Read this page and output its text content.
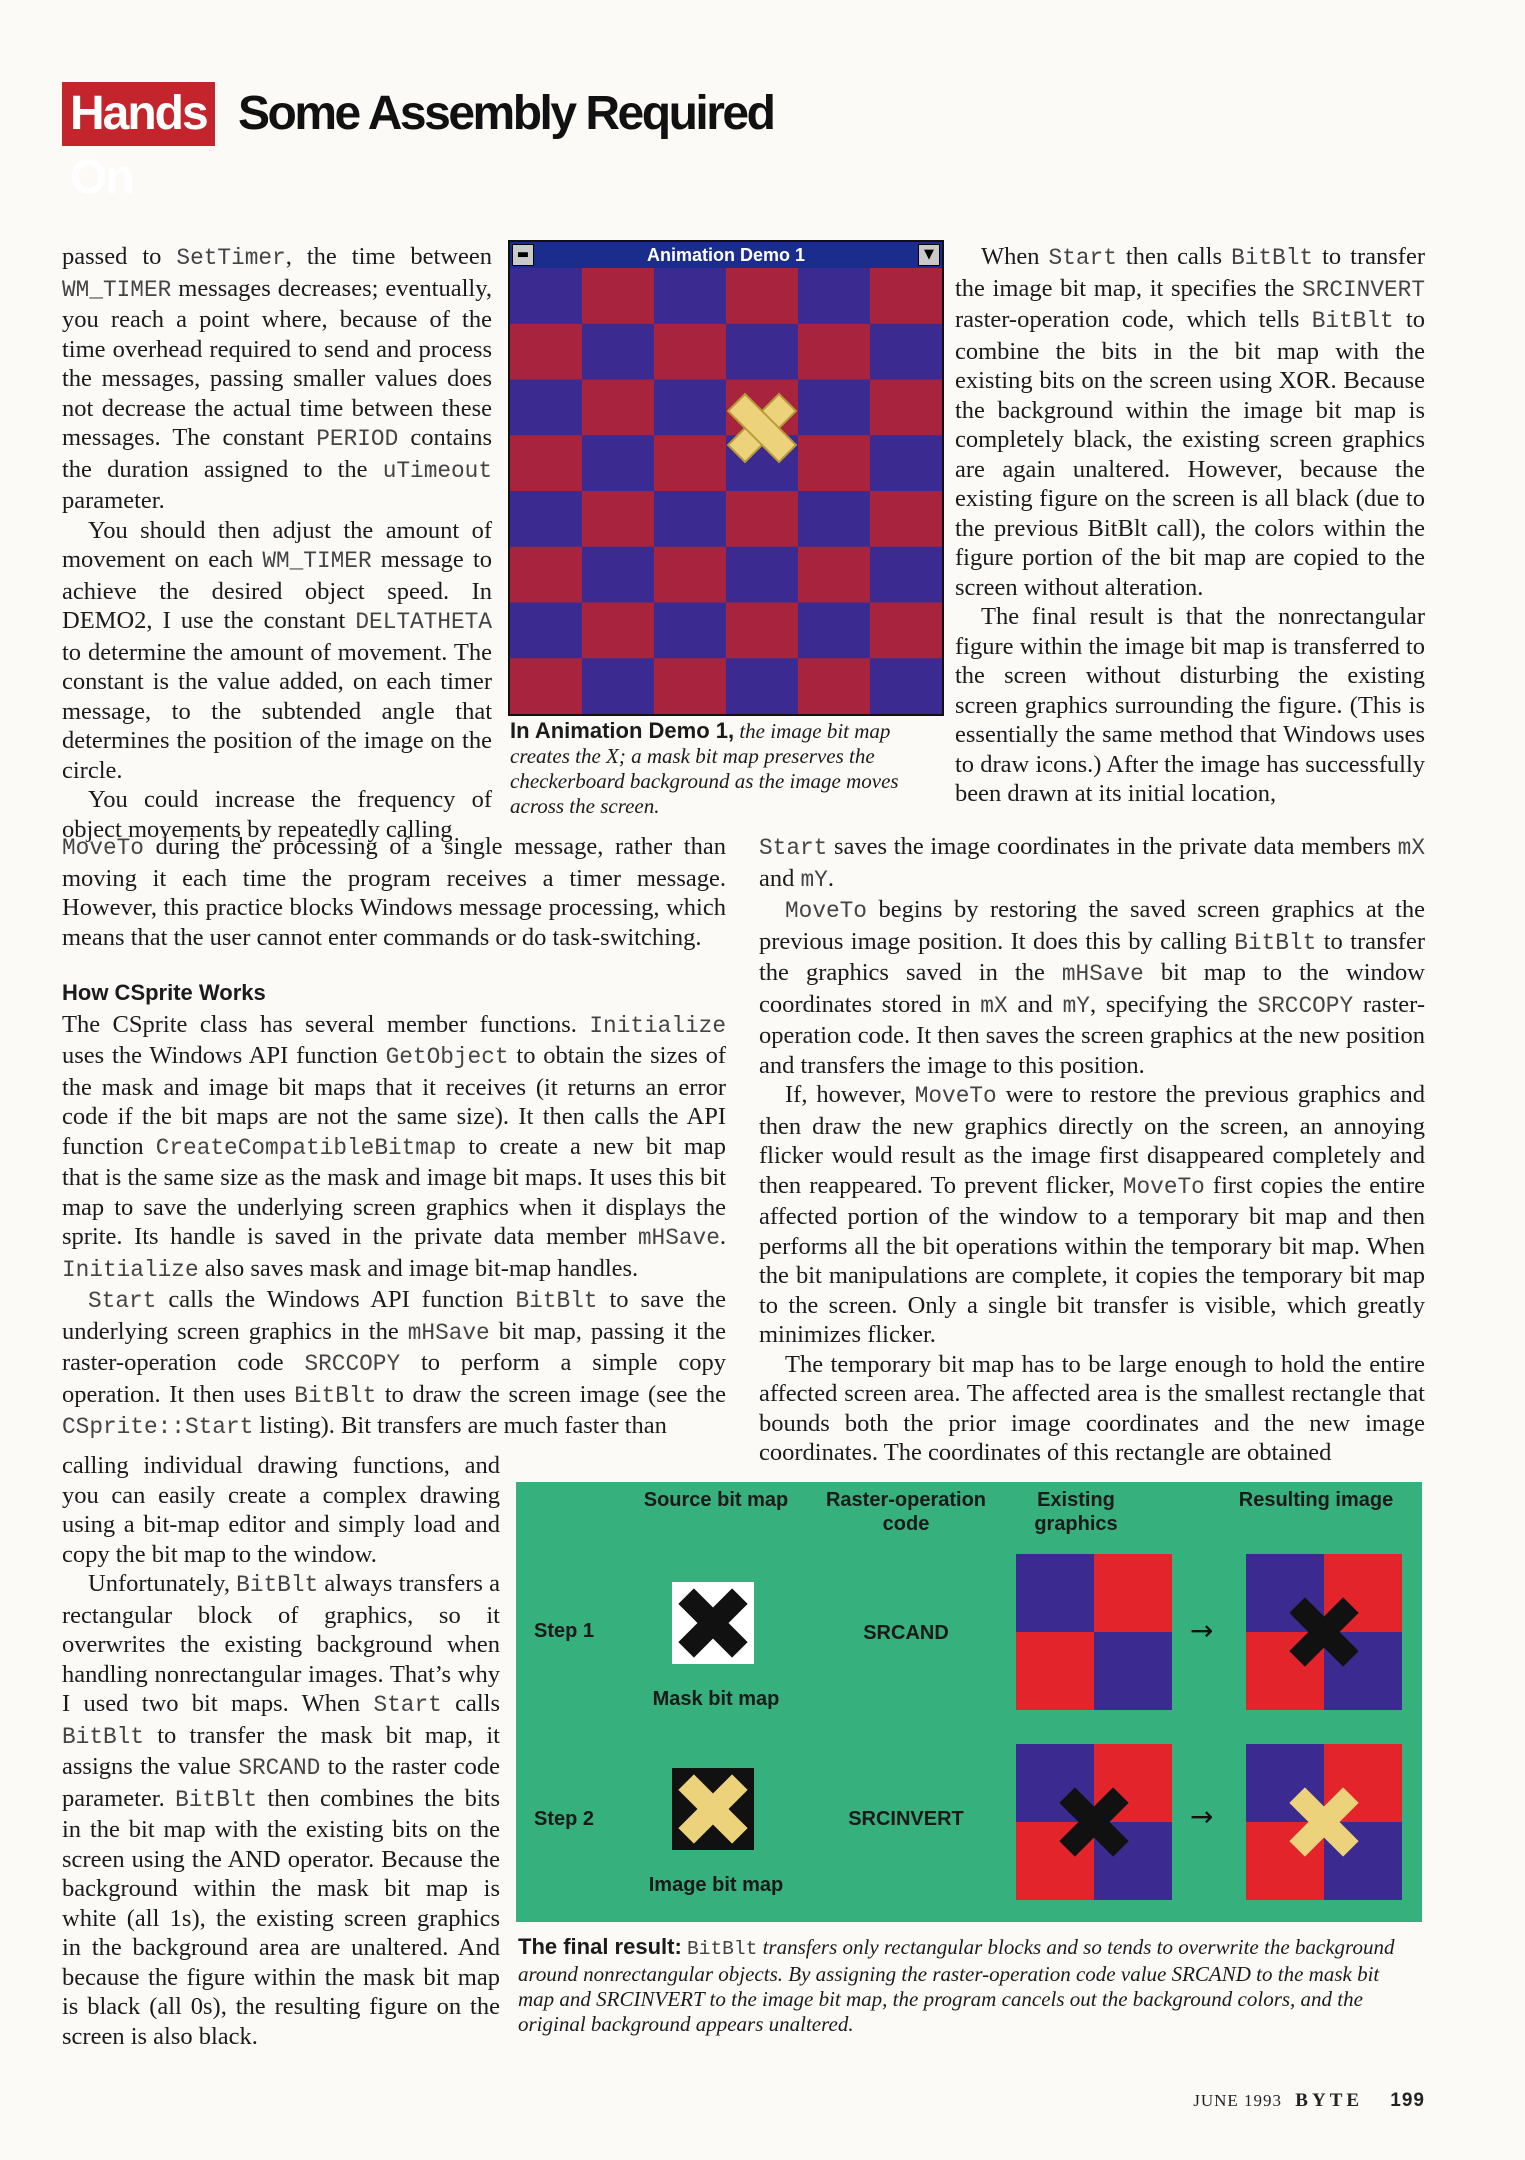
Hands On
Some Assembly Required

passed to SetTimer, the time between WM_TIMER messages decreases; eventually, you reach a point where, because of the time overhead required to send and process the messages, passing smaller values does not decrease the actual time between these messages. The constant PERIOD contains the duration assigned to the uTimeout parameter.

You should then adjust the amount of movement on each WM_TIMER message to achieve the desired object speed. In DEMO2, I use the constant DELTATHETA to determine the amount of movement. The constant is the value added, on each timer message, to the subtended angle that determines the position of the image on the circle.

You could increase the frequency of object movements by repeatedly calling

MoveTo during the processing of a single message, rather than moving it each time the program receives a timer message. However, this practice blocks Windows message processing, which means that the user cannot enter commands or do task-switching.

How CSprite Works

The CSprite class has several member functions. Initialize uses the Windows API function GetObject to obtain the sizes of the mask and image bit maps that it receives (it returns an error code if the bit maps are not the same size). It then calls the API function CreateCompatibleBitmap to create a new bit map that is the same size as the mask and image bit maps. It uses this bit map to save the underlying screen graphics when it displays the sprite. Its handle is saved in the private data member mHSave. Initialize also saves mask and image bit-map handles.

Start calls the Windows API function BitBlt to save the underlying screen graphics in the mHSave bit map, passing it the raster-operation code SRCCOPY to perform a simple copy operation. It then uses BitBlt to draw the screen image (see the CSprite::Start listing). Bit transfers are much faster than

calling individual drawing functions, and you can easily create a complex drawing using a bit-map editor and simply load and copy the bit map to the window.

Unfortunately, BitBlt always transfers a rectangular block of graphics, so it overwrites the existing background when handling nonrectangular images. That’s why I used two bit maps. When Start calls BitBlt to transfer the mask bit map, it assigns the value SRCAND to the raster code parameter. BitBlt then combines the bits in the bit map with the existing bits on the screen using the AND operator. Because the background within the mask bit map is white (all 1s), the existing screen graphics in the background area are unaltered. And because the figure within the mask bit map is black (all 0s), the resulting figure on the screen is also black.

When Start then calls BitBlt to transfer the image bit map, it specifies the SRCINVERT raster-operation code, which tells BitBlt to combine the bits in the bit map with the existing bits on the screen using XOR. Because the background within the image bit map is completely black, the existing screen graphics are again unaltered. However, because the existing figure on the screen is all black (due to the previous BitBlt call), the colors within the figure portion of the bit map are copied to the screen without alteration.

The final result is that the nonrectangular figure within the image bit map is transferred to the screen without disturbing the existing screen graphics surrounding the figure. (This is essentially the same method that Windows uses to draw icons.) After the image has successfully been drawn at its initial location,

Start saves the image coordinates in the private data members mX and mY.

MoveTo begins by restoring the saved screen graphics at the previous image position. It does this by calling BitBlt to transfer the graphics saved in the mHSave bit map to the window coordinates stored in mX and mY, specifying the SRCCOPY raster-operation code. It then saves the screen graphics at the new position and transfers the image to this position.

If, however, MoveTo were to restore the previous graphics and then draw the new graphics directly on the screen, an annoying flicker would result as the image first disappeared completely and then reappeared. To prevent flicker, MoveTo first copies the entire affected portion of the window to a temporary bit map and then performs all the bit operations within the temporary bit map. When the bit manipulations are complete, it copies the temporary bit map to the screen. Only a single bit transfer is visible, which greatly minimizes flicker.

The temporary bit map has to be large enough to hold the entire affected screen area. The affected area is the smallest rectangle that bounds both the prior image coordinates and the new image coordinates. The coordinates of this rectangle are obtained

Animation Demo 1
▬	▼
In Animation Demo 1, the image bit map creates the X; a mask bit map preserves the checkerboard background as the image moves across the screen.
Source bit map	Raster-operation code
Existing graphics
Resulting image
Step 1
Step 2
Mask bit map
Image bit map
SRCAND
SRCINVERT
→
→
The final result: BitBlt transfers only rectangular blocks and so tends to overwrite the background around nonrectangular objects. By assigning the raster-operation code value SRCAND to the mask bit map and SRCINVERT to the image bit map, the program cancels out the background colors, and the original background appears unaltered.
JUNE 1993 BYTE 199
